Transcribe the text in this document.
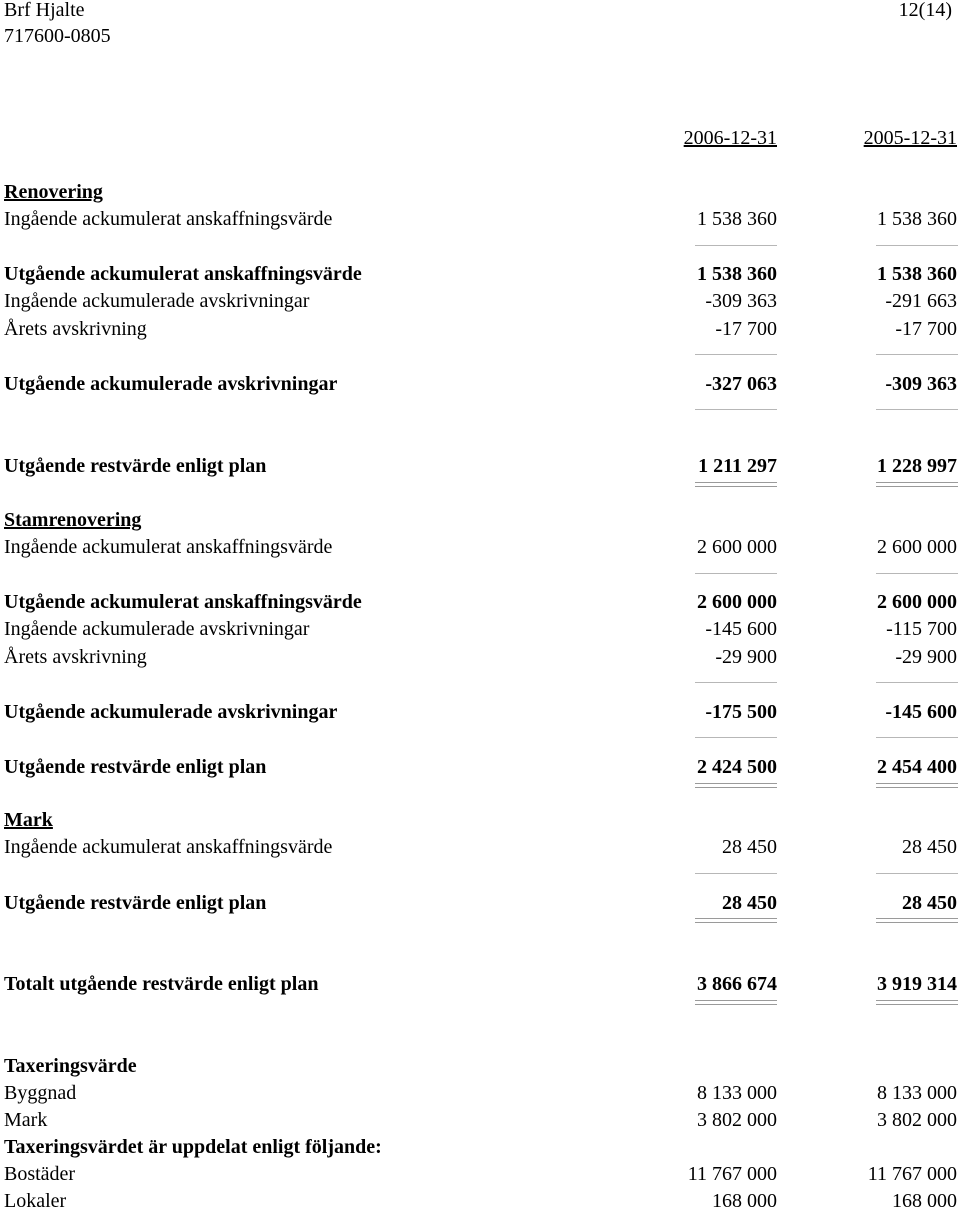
Brf Hjalte	12(14)
717600-0805
2006-12-31	2005-12-31
Renovering
Ingående ackumulerat anskaffningsvärde	1 538 360	1 538 360
Utgående ackumulerat anskaffningsvärde	1 538 360	1 538 360
Ingående ackumulerade avskrivningar	-309 363	-291 663
Årets avskrivning	-17 700	-17 700
Utgående ackumulerade avskrivningar	-327 063	-309 363
Utgående restvärde enligt plan	1 211 297	1 228 997
Stamrenovering
Ingående ackumulerat anskaffningsvärde	2 600 000	2 600 000
Utgående ackumulerat anskaffningsvärde	2 600 000	2 600 000
Ingående ackumulerade avskrivningar	-145 600	-115 700
Årets avskrivning	-29 900	-29 900
Utgående ackumulerade avskrivningar	-175 500	-145 600
Utgående restvärde enligt plan	2 424 500	2 454 400
Mark
Ingående ackumulerat anskaffningsvärde	28 450	28 450
Utgående restvärde enligt plan	28 450	28 450
Totalt utgående restvärde enligt plan	3 866 674	3 919 314
Taxeringsvärde
Byggnad	8 133 000	8 133 000
Mark	3 802 000	3 802 000
Taxeringsvärdet är uppdelat enligt följande:
Bostäder	11 767 000	11 767 000
Lokaler	168 000	168 000
